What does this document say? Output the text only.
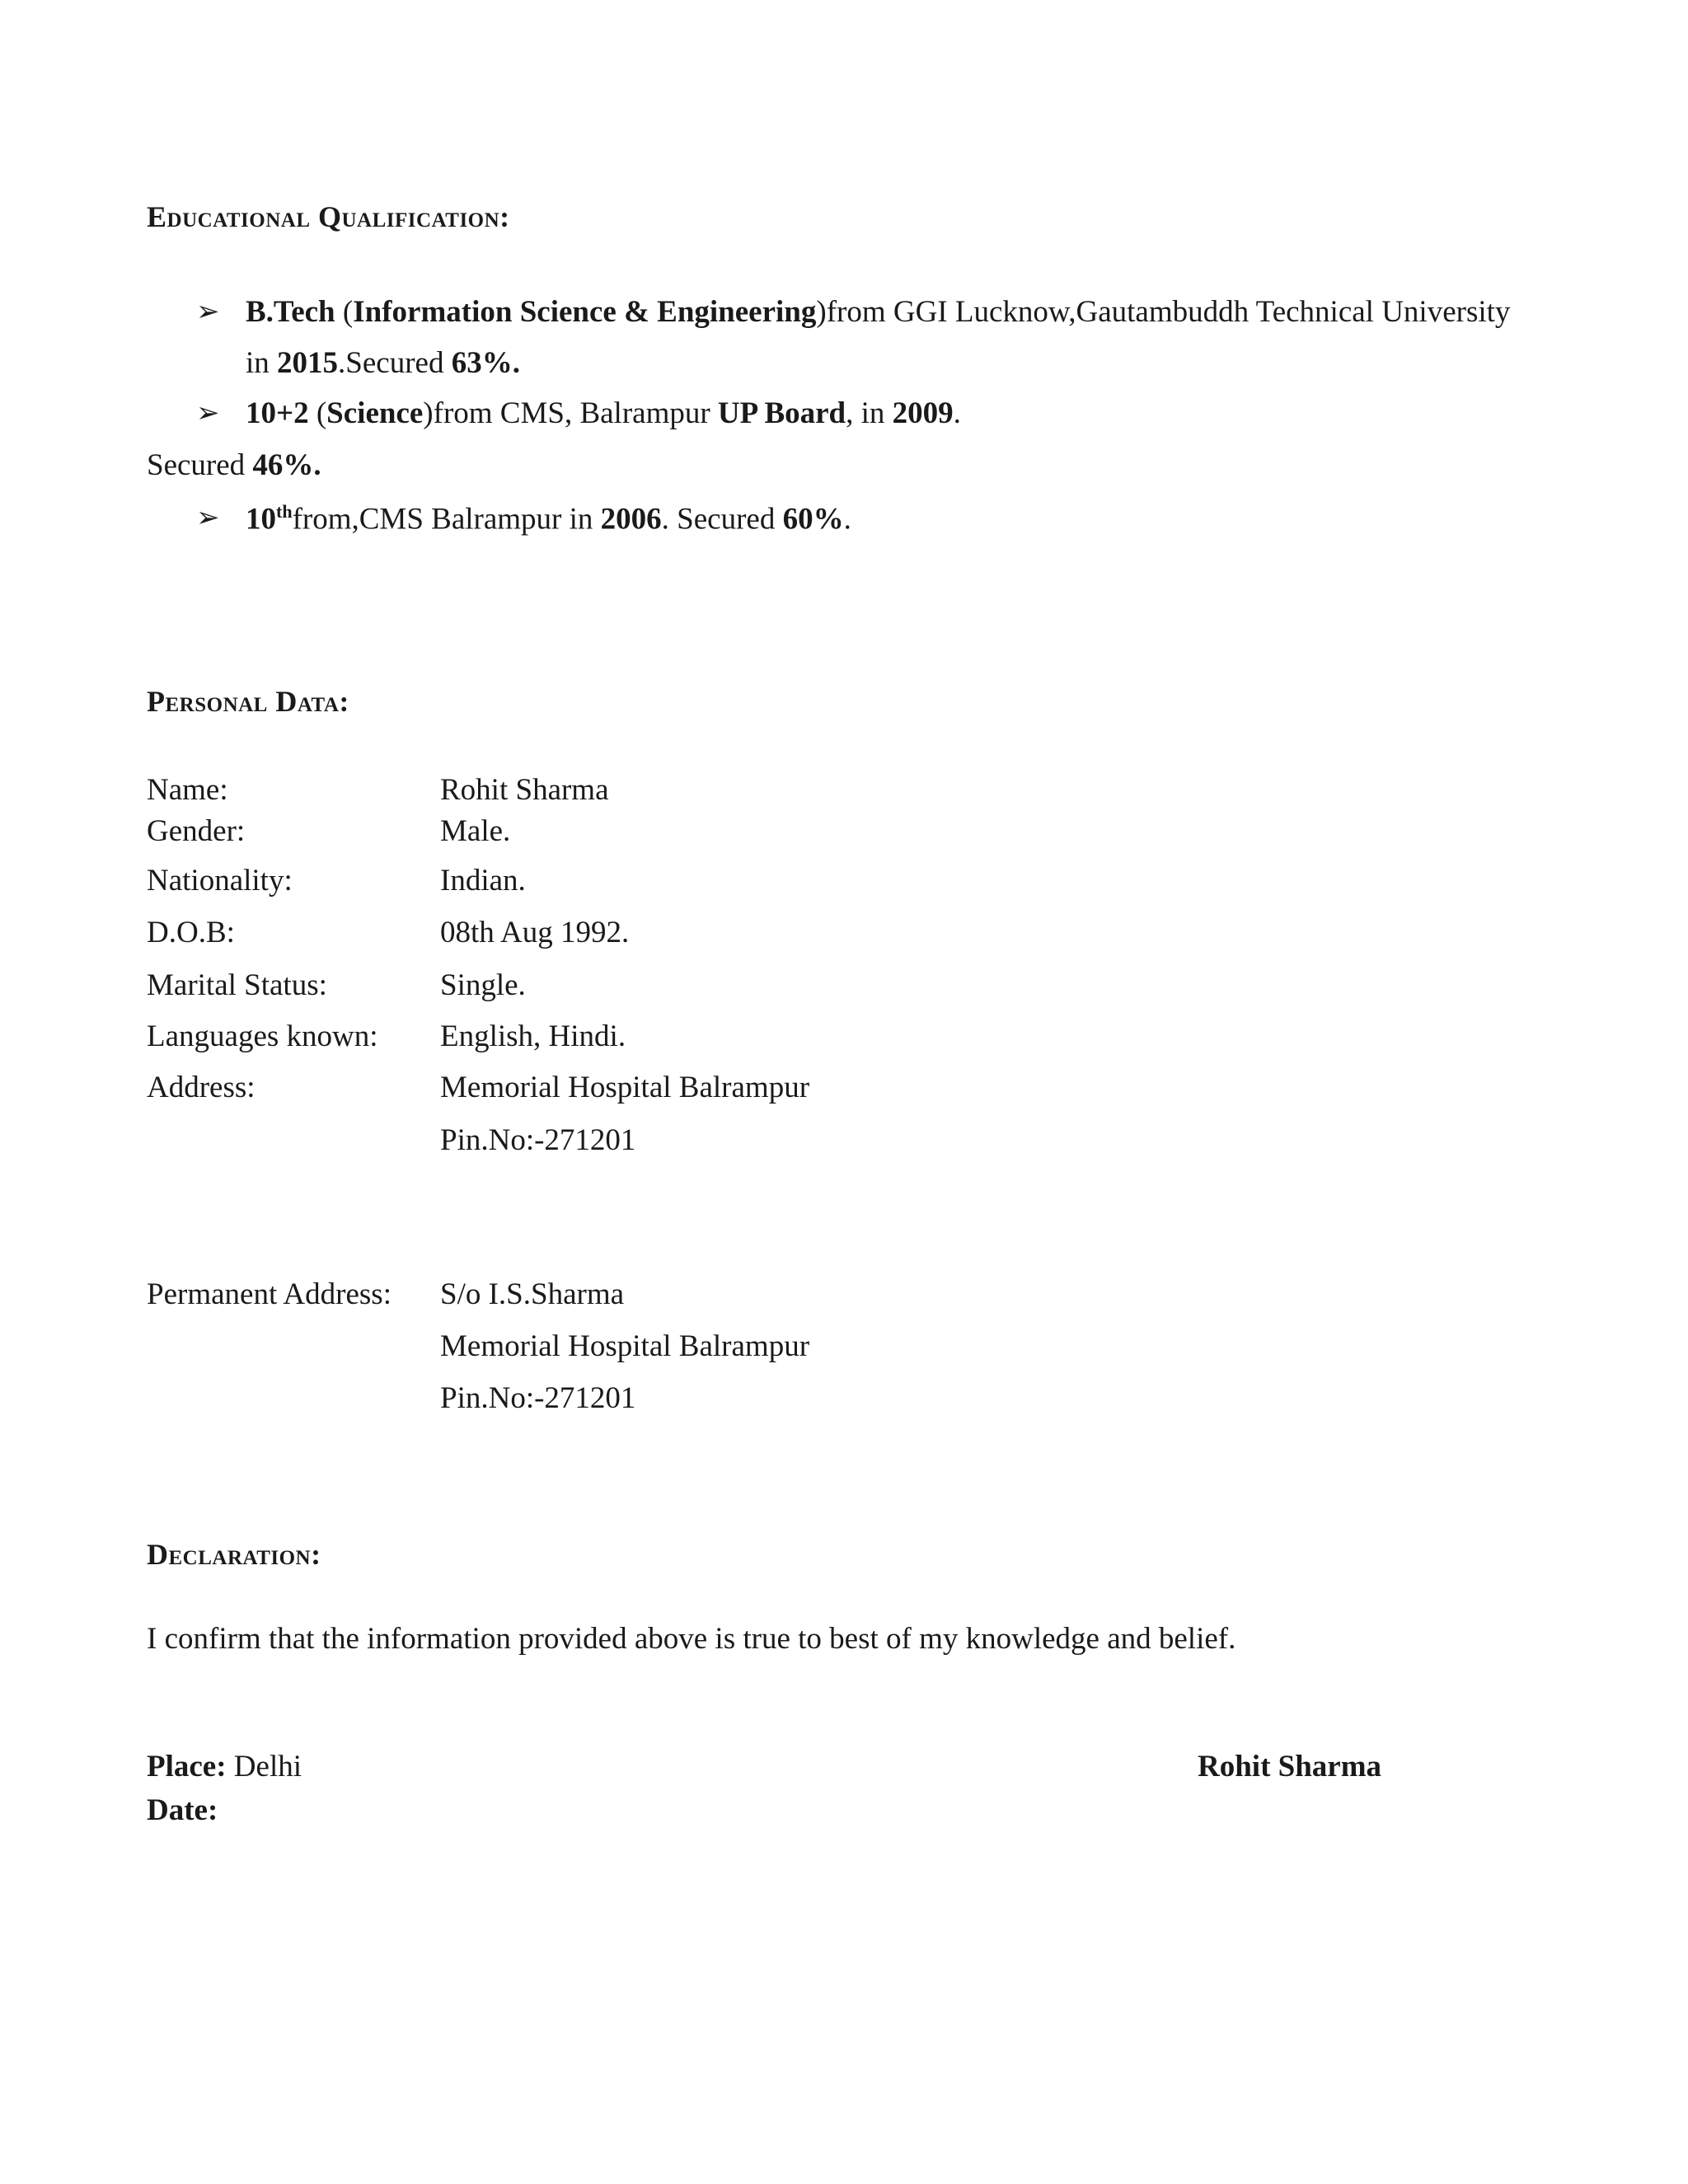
Educational Qualification:
➢ B.Tech (Information Science & Engineering)from GGI Lucknow,Gautambuddh Technical University
in 2015.Secured 63%.
➢ 10+2 (Science)from CMS, Balrampur UP Board, in 2009.
Secured 46%.
➢ 10thfrom,CMS Balrampur in 2006. Secured 60%.
Personal Data:
Name:	Rohit Sharma
Gender:	Male.
Nationality:	Indian.
D.O.B:	08th Aug 1992.
Marital Status:	Single.
Languages known: English, Hindi.
Address:	Memorial Hospital Balrampur
Pin.No:-271201
Permanent Address: S/o I.S.Sharma
Memorial Hospital Balrampur
Pin.No:-271201
Declaration:
I confirm that the information provided above is true to best of my knowledge and belief.
Place: Delhi
Date:
Rohit Sharma
